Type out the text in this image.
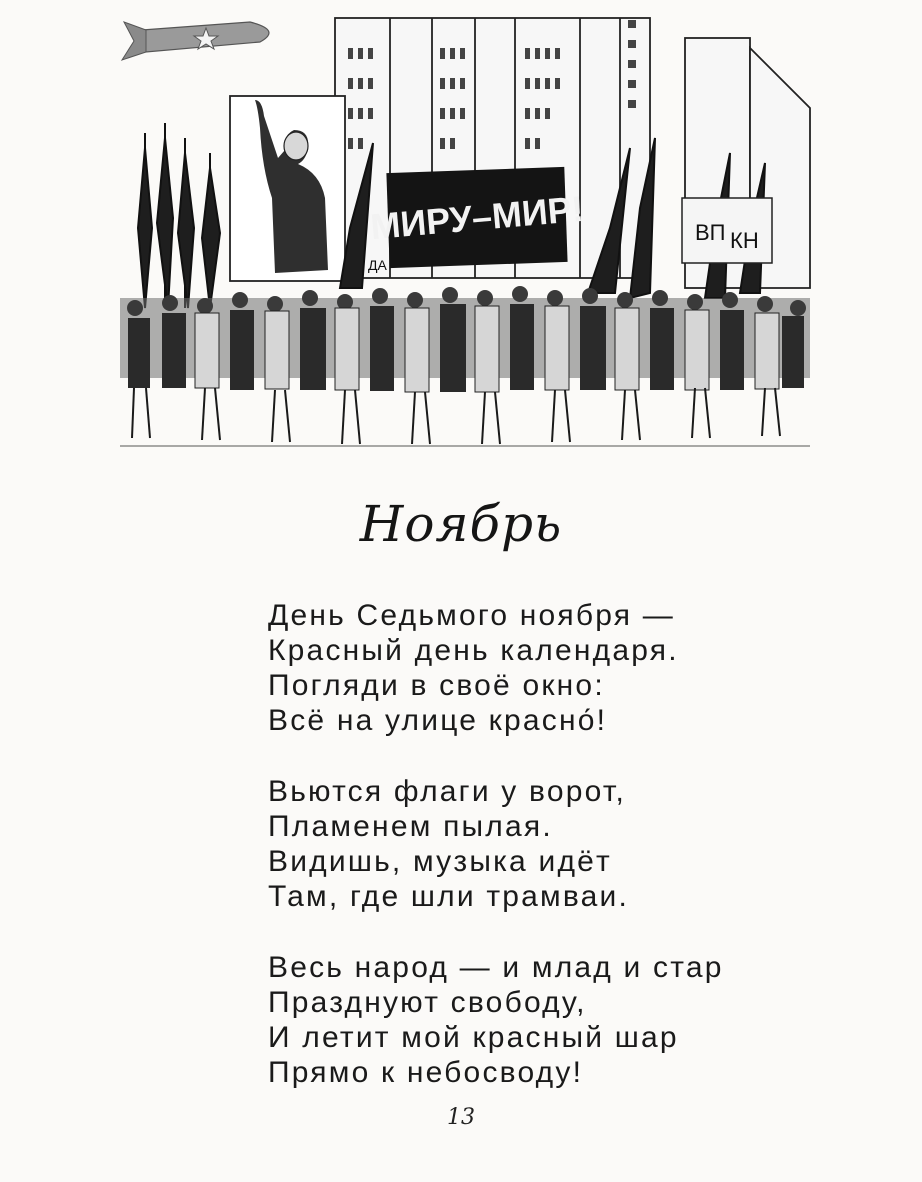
МИРУ–МИР!
ДА
ВП КН
Ноябрь
День Седьмого ноября —
Красный день календаря.
Погляди в своё окно:
Всё на улице красно́!
Вьются флаги у ворот,
Пламенем пылая.
Видишь, музыка идёт
Там, где шли трамваи.
Весь народ — и млад и стар
Празднуют свободу,
И летит мой красный шар
Прямо к небосводу!
13
